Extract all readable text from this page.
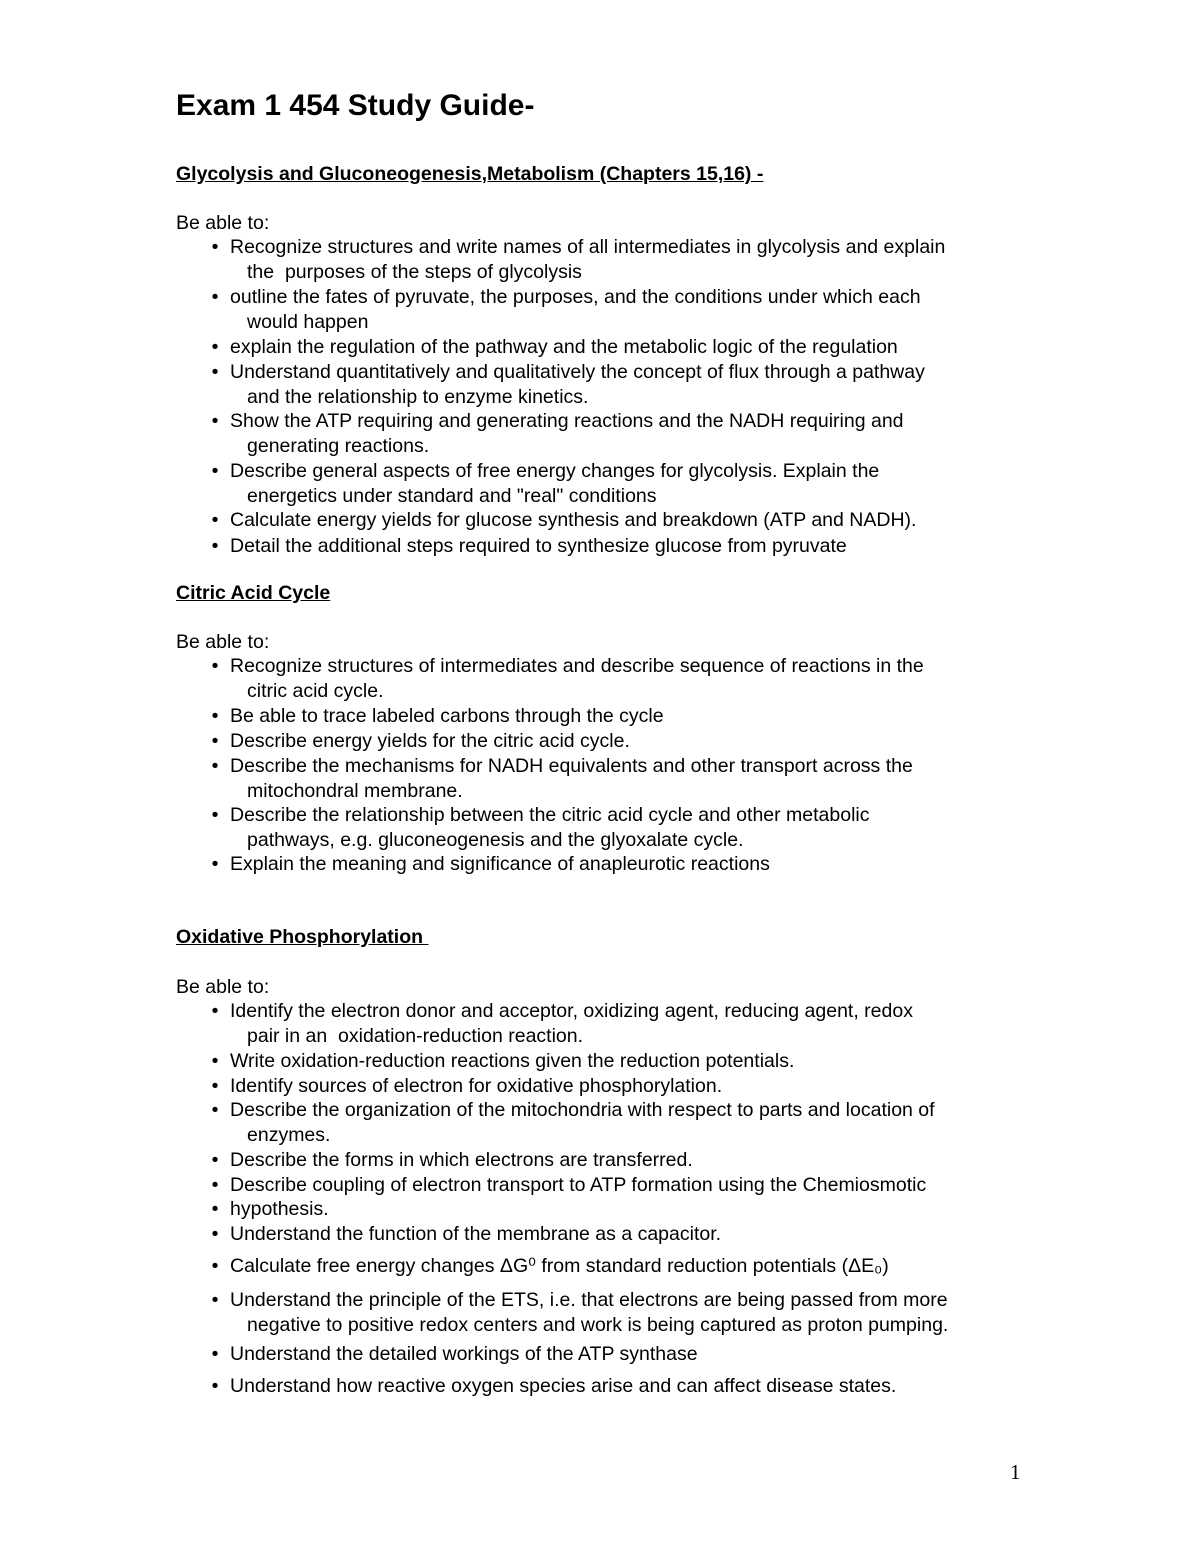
Exam 1 454 Study Guide-
Glycolysis and Gluconeogenesis,Metabolism (Chapters 15,16) -

Be able to:

• Recognize structures and write names of all intermediates in glycolysis and explain
the  purposes of the steps of glycolysis
• outline the fates of pyruvate, the purposes, and the conditions under which each
would happen
• explain the regulation of the pathway and the metabolic logic of the regulation
• Understand quantitatively and qualitatively the concept of flux through a pathway
and the relationship to enzyme kinetics.
• Show the ATP requiring and generating reactions and the NADH requiring and
generating reactions.
• Describe general aspects of free energy changes for glycolysis. Explain the
energetics under standard and "real" conditions
• Calculate energy yields for glucose synthesis and breakdown (ATP and NADH).
• Detail the additional steps required to synthesize glucose from pyruvate
Citric Acid Cycle

Be able to:

• Recognize structures of intermediates and describe sequence of reactions in the
citric acid cycle.
• Be able to trace labeled carbons through the cycle
• Describe energy yields for the citric acid cycle.
• Describe the mechanisms for NADH equivalents and other transport across the
mitochondral membrane.
• Describe the relationship between the citric acid cycle and other metabolic
pathways, e.g. gluconeogenesis and the glyoxalate cycle.
• Explain the meaning and significance of anapleurotic reactions
Oxidative Phosphorylation

Be able to:

• Identify the electron donor and acceptor, oxidizing agent, reducing agent, redox
pair in an  oxidation-reduction reaction.
• Write oxidation-reduction reactions given the reduction potentials.
• Identify sources of electron for oxidative phosphorylation.
• Describe the organization of the mitochondria with respect to parts and location of
enzymes.
• Describe the forms in which electrons are transferred.
• Describe coupling of electron transport to ATP formation using the Chemiosmotic
• hypothesis.
• Understand the function of the membrane as a capacitor.
• Calculate free energy changes ΔG⁰ from standard reduction potentials (ΔE₀)
• Understand the principle of the ETS, i.e. that electrons are being passed from more
negative to positive redox centers and work is being captured as proton pumping.
• Understand the detailed workings of the ATP synthase
• Understand how reactive oxygen species arise and can affect disease states.
1
